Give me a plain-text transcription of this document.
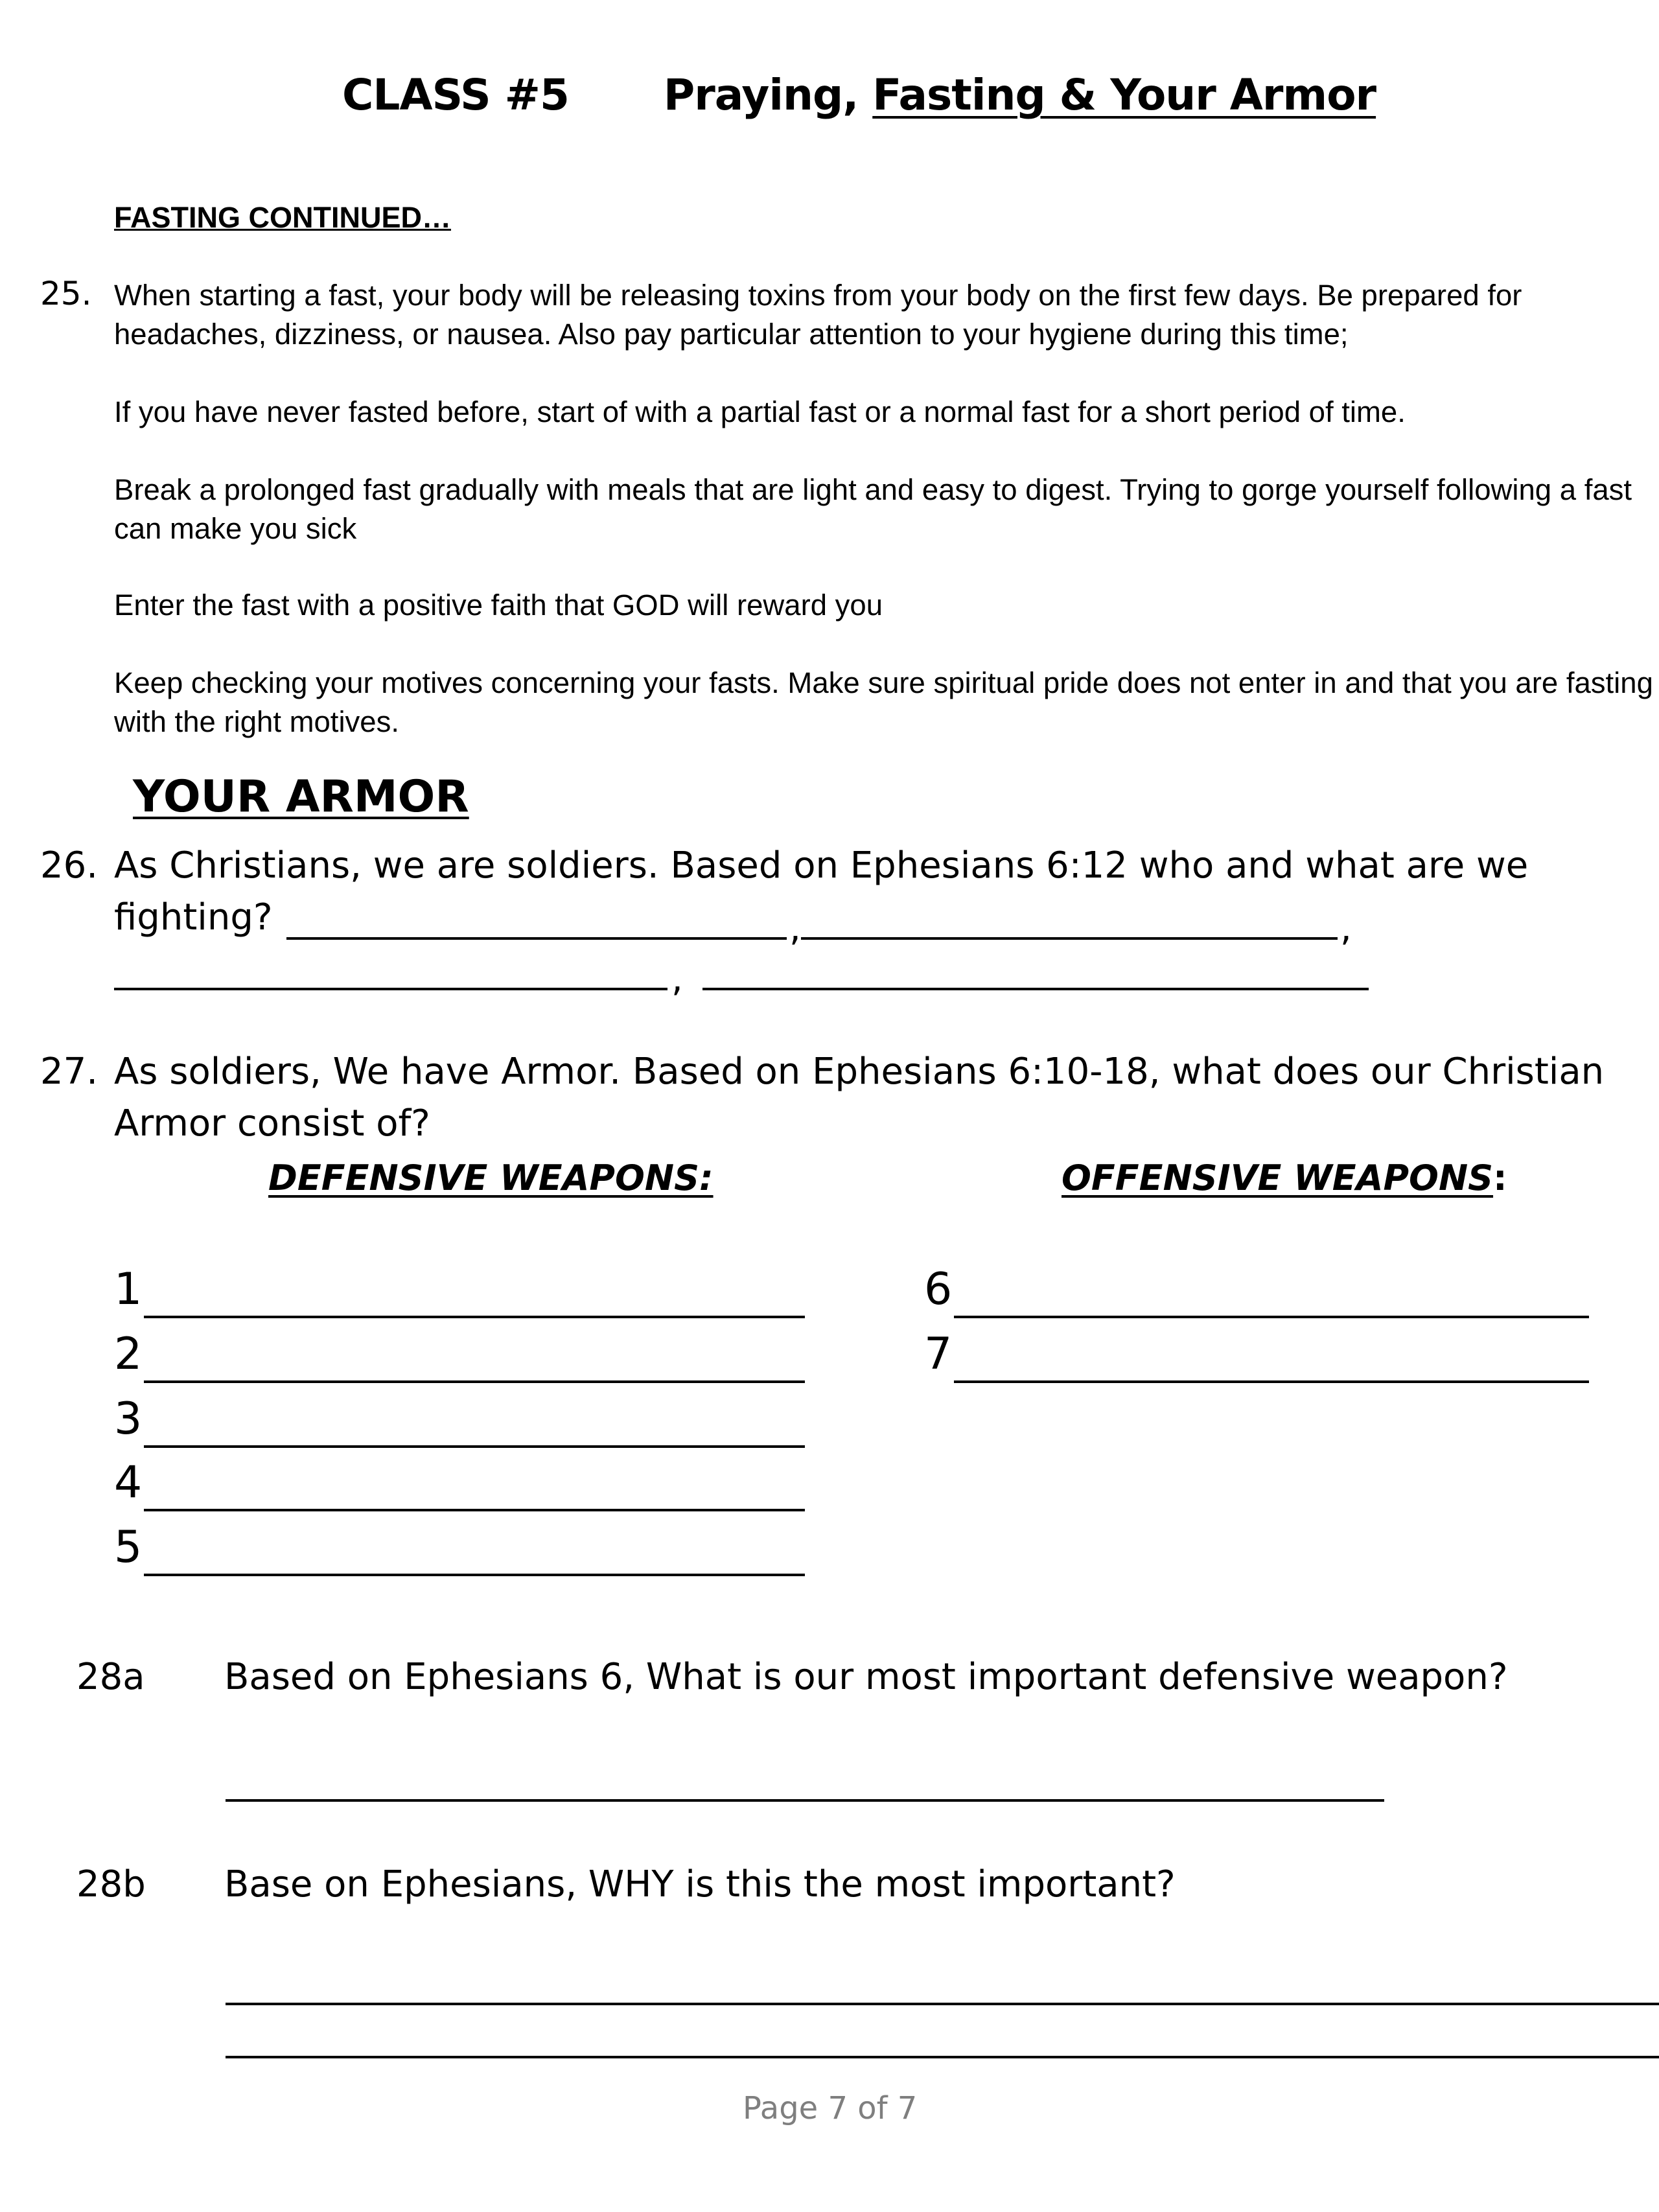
CLASS #5 Praying, Fasting & Your Armor
FASTING CONTINUED…
25. When starting a fast, your body will be releasing toxins from your body on the first few days. Be prepared for headaches, dizziness, or nausea. Also pay particular attention to your hygiene during this time;
If you have never fasted before, start of with a partial fast or a normal fast for a short period of time.
Break a prolonged fast gradually with meals that are light and easy to digest. Trying to gorge yourself following a fast can make you sick
Enter the fast with a positive faith that GOD will reward you
Keep checking your motives concerning your fasts. Make sure spiritual pride does not enter in and that you are fasting with the right motives.
YOUR ARMOR
26. As Christians, we are soldiers. Based on Ephesians 6:12 who and what are we
fighting?	,	,
,
27. As soldiers, We have Armor. Based on Ephesians 6:10-18, what does our Christian
Armor consist of?
DEFENSIVE WEAPONS:	OFFENSIVE WEAPONS:
1
2
3
4
5
6
7
28a Based on Ephesians 6, What is our most important defensive weapon?
28b Base on Ephesians, WHY is this the most important?
Page 7 of 7
